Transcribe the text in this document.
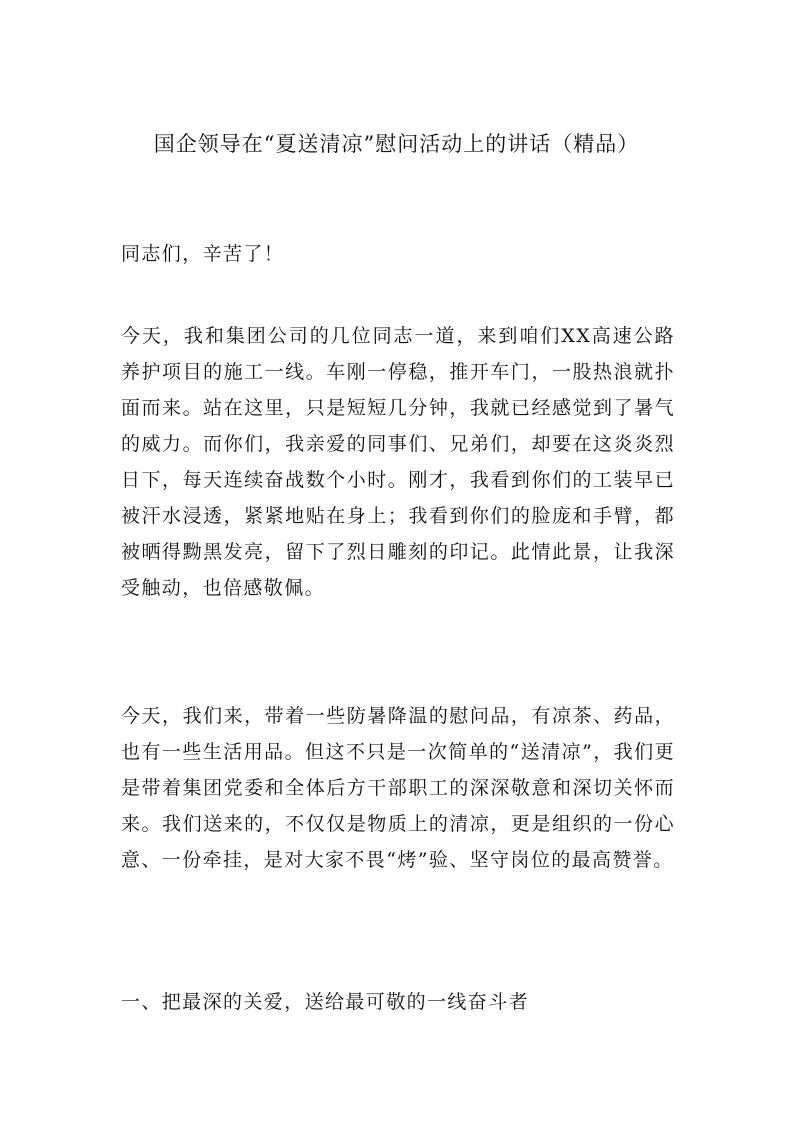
国企领导在“夏送清凉”慰问活动上的讲话（精品）
同志们，辛苦了！
今天，我和集团公司的几位同志一道，来到咱们XX高速公路养护项目的施工一线。车刚一停稳，推开车门，一股热浪就扑面而来。站在这里，只是短短几分钟，我就已经感觉到了暑气的威力。而你们，我亲爱的同事们、兄弟们，却要在这炎炎烈日下，每天连续奋战数个小时。刚才，我看到你们的工装早已被汗水浸透，紧紧地贴在身上；我看到你们的脸庞和手臂，都被晒得黝黑发亮，留下了烈日雕刻的印记。此情此景，让我深受触动，也倍感敬佩。
今天，我们来，带着一些防暑降温的慰问品，有凉茶、药品，也有一些生活用品。但这不只是一次简单的“送清凉”，我们更是带着集团党委和全体后方干部职工的深深敬意和深切关怀而来。我们送来的，不仅仅是物质上的清凉，更是组织的一份心意、一份牵挂，是对大家不畏“烤”验、坚守岗位的最高赞誉。
一、把最深的关爱，送给最可敬的一线奋斗者
